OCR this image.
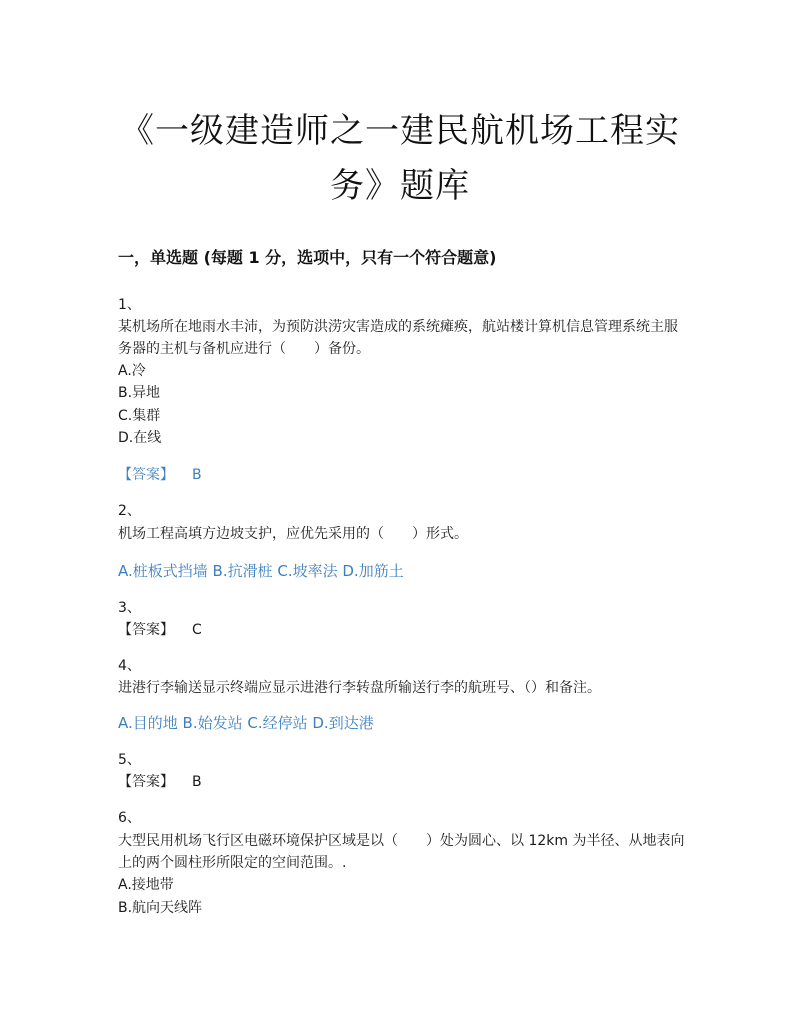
《一级建造师之一建民航机场工程实务》题库
一，单选题 (每题 1 分，选项中，只有一个符合题意)
1、
某机场所在地雨水丰沛，为预防洪涝灾害造成的系统瘫痪，航站楼计算机信息管理系统主服务器的主机与备机应进行（　　）备份。
A.冷
B.异地
C.集群
D.在线
【答案】 B
2、
机场工程高填方边坡支护，应优先采用的（　　）形式。
A.桩板式挡墙 B.抗滑桩 C.坡率法 D.加筋土
3、
【答案】 C
4、
进港行李输送显示终端应显示进港行李转盘所输送行李的航班号、（）和备注。
A.目的地 B.始发站 C.经停站 D.到达港
5、
【答案】 B
6、
大型民用机场飞行区电磁环境保护区域是以（　　）处为圆心、以 12km 为半径、从地表向上的两个圆柱形所限定的空间范围。.
A.接地带
B.航向天线阵
